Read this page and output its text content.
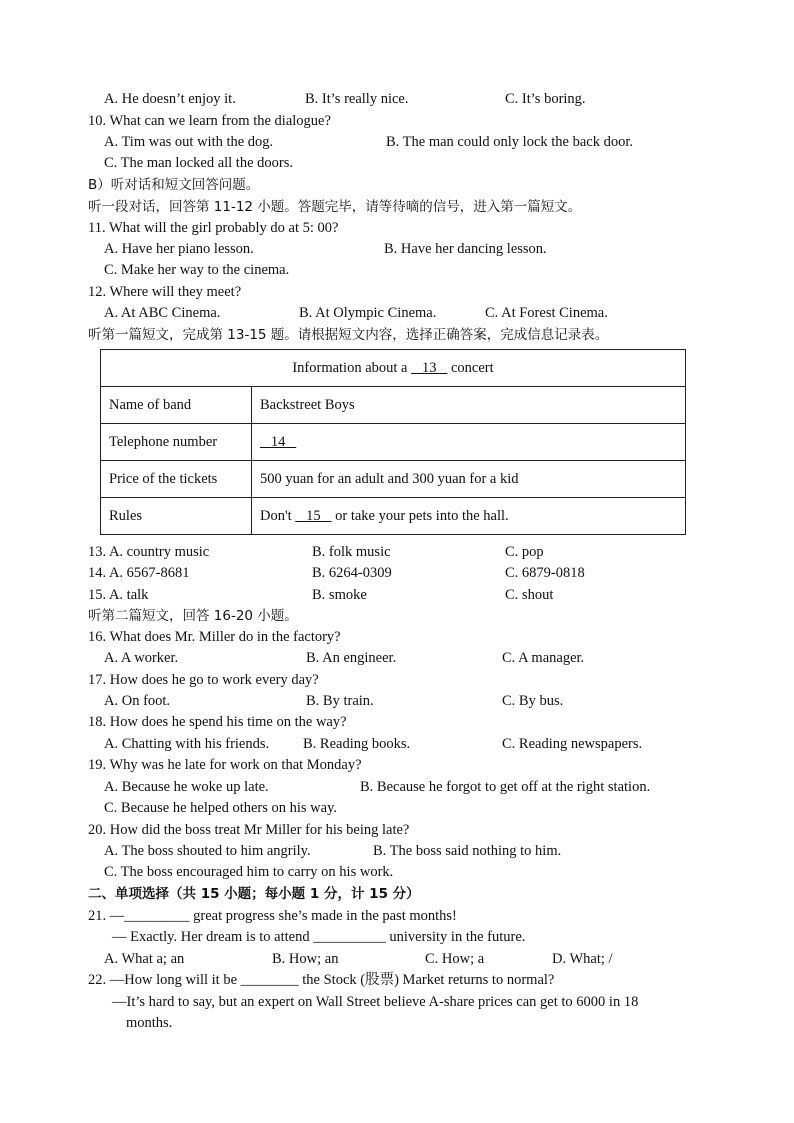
A. He doesn’t enjoy it.	B. It’s really nice.	C. It’s boring.
10. What can we learn from the dialogue?
A. Tim was out with the dog.	B. The man could only lock the back door.
C. The man locked all the doors.
B）听对话和短文回答问题。
听一段对话，回答第 11-12 小题。答题完毕，请等待嘀的信号，进入第一篇短文。
11. What will the girl probably do at 5: 00?
A. Have her piano lesson.	B. Have her dancing lesson.
C. Make her way to the cinema.
12. Where will they meet?
A. At ABC Cinema.	B. At Olympic Cinema.	C. At Forest Cinema.
听第一篇短文，完成第 13-15 题。请根据短文内容，选择正确答案，完成信息记录表。
Information about a 13 concert	
Name of band	Backstreet Boys
Telephone number	14
Price of the tickets	500 yuan for an adult and 300 yuan for a kid
Rules	Don't 15 or take your pets into the hall.
13. A. country music	B. folk music	C. pop
14. A. 6567-8681	B. 6264-0309	C. 6879-0818
15. A. talk	B. smoke	C. shout
听第二篇短文，回答 16-20 小题。
16. What does Mr. Miller do in the factory?
A. A worker.	B. An engineer.	C. A manager.
17. How does he go to work every day?
A. On foot.	B. By train.	C. By bus.
18. How does he spend his time on the way?
A. Chatting with his friends. B. Reading books.	C. Reading newspapers.
19. Why was he late for work on that Monday?
A. Because he woke up late.	B. Because he forgot to get off at the right station.
C. Because he helped others on his way.
20. How did the boss treat Mr Miller for his being late?
A. The boss shouted to him angrily.	B. The boss said nothing to him.
C. The boss encouraged him to carry on his work.
二、单项选择（共 15 小题；每小题 1 分，计 15 分）
21. —_________ great progress she’s made in the past months!
— Exactly. Her dream is to attend __________ university in the future.
A. What a; an	B. How; an	C. How; a	D. What; /
22. —How long will it be ________ the Stock (股票) Market returns to normal?
—It’s hard to say, but an expert on Wall Street believe A-share prices can get to 6000 in 18
months.
